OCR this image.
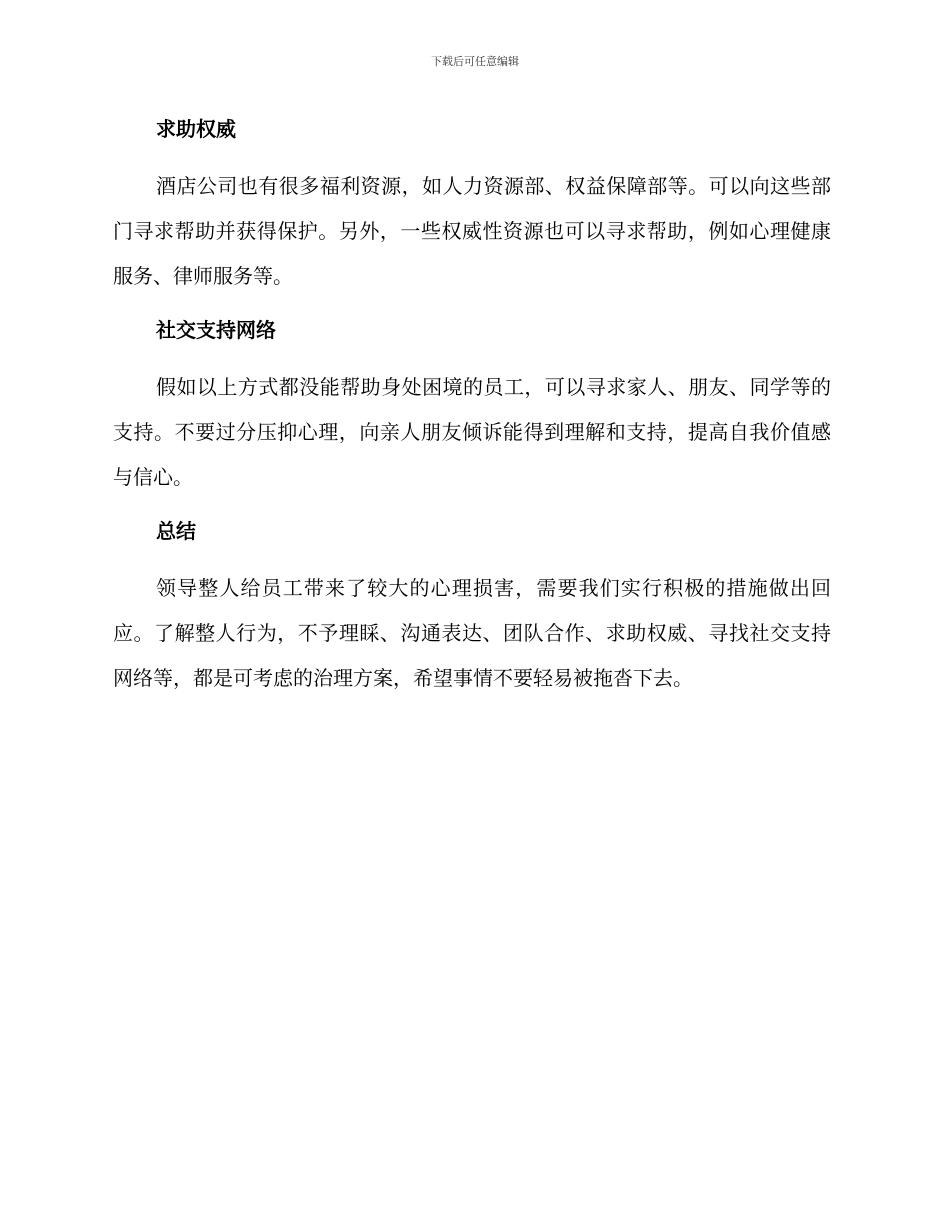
下载后可任意编辑
求助权威

酒店公司也有很多福利资源，如人力资源部、权益保障部等。可以向这些部门寻求帮助并获得保护。另外，一些权威性资源也可以寻求帮助，例如心理健康服务、律师服务等。

社交支持网络

假如以上方式都没能帮助身处困境的员工，可以寻求家人、朋友、同学等的支持。不要过分压抑心理，向亲人朋友倾诉能得到理解和支持，提高自我价值感与信心。

总结

领导整人给员工带来了较大的心理损害，需要我们实行积极的措施做出回应。了解整人行为，不予理睬、沟通表达、团队合作、求助权威、寻找社交支持网络等，都是可考虑的治理方案，希望事情不要轻易被拖沓下去。
